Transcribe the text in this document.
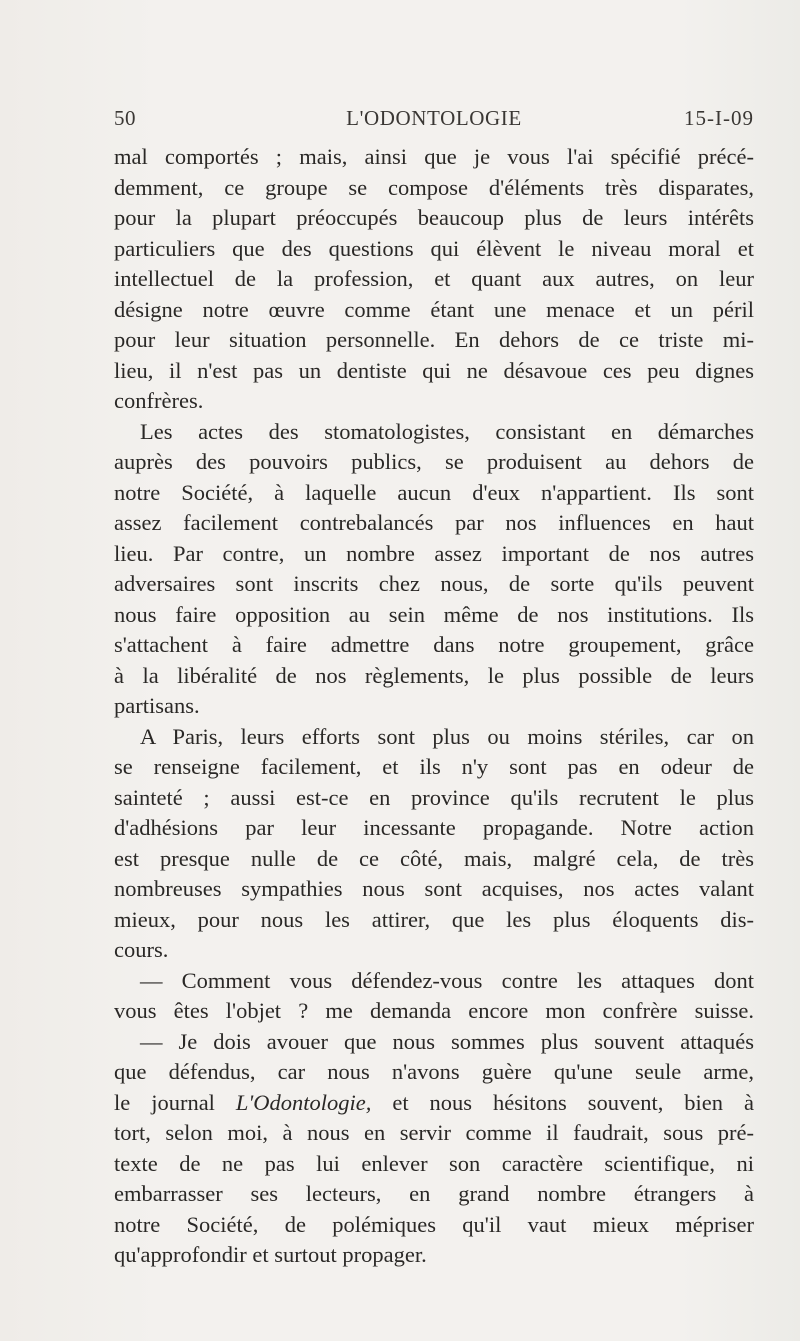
50	L'ODONTOLOGIE	15-I-09
mal comportés ; mais, ainsi que je vous l'ai spécifié précé-
demment, ce groupe se compose d'éléments très disparates,
pour la plupart préoccupés beaucoup plus de leurs intérêts
particuliers que des questions qui élèvent le niveau moral et
intellectuel de la profession, et quant aux autres, on leur
désigne notre œuvre comme étant une menace et un péril
pour leur situation personnelle. En dehors de ce triste mi-
lieu, il n'est pas un dentiste qui ne désavoue ces peu dignes
confrères.
Les actes des stomatologistes, consistant en démarches
auprès des pouvoirs publics, se produisent au dehors de
notre Société, à laquelle aucun d'eux n'appartient. Ils sont
assez facilement contrebalancés par nos influences en haut
lieu. Par contre, un nombre assez important de nos autres
adversaires sont inscrits chez nous, de sorte qu'ils peuvent
nous faire opposition au sein même de nos institutions. Ils
s'attachent à faire admettre dans notre groupement, grâce
à la libéralité de nos règlements, le plus possible de leurs
partisans.
A Paris, leurs efforts sont plus ou moins stériles, car on
se renseigne facilement, et ils n'y sont pas en odeur de
sainteté ; aussi est-ce en province qu'ils recrutent le plus
d'adhésions par leur incessante propagande. Notre action
est presque nulle de ce côté, mais, malgré cela, de très
nombreuses sympathies nous sont acquises, nos actes valant
mieux, pour nous les attirer, que les plus éloquents dis-
cours.
— Comment vous défendez-vous contre les attaques dont
vous êtes l'objet ? me demanda encore mon confrère suisse.
— Je dois avouer que nous sommes plus souvent attaqués
que défendus, car nous n'avons guère qu'une seule arme,
le journal L'Odontologie, et nous hésitons souvent, bien à
tort, selon moi, à nous en servir comme il faudrait, sous pré-
texte de ne pas lui enlever son caractère scientifique, ni
embarrasser ses lecteurs, en grand nombre étrangers à
notre Société, de polémiques qu'il vaut mieux mépriser
qu'approfondir et surtout propager.
